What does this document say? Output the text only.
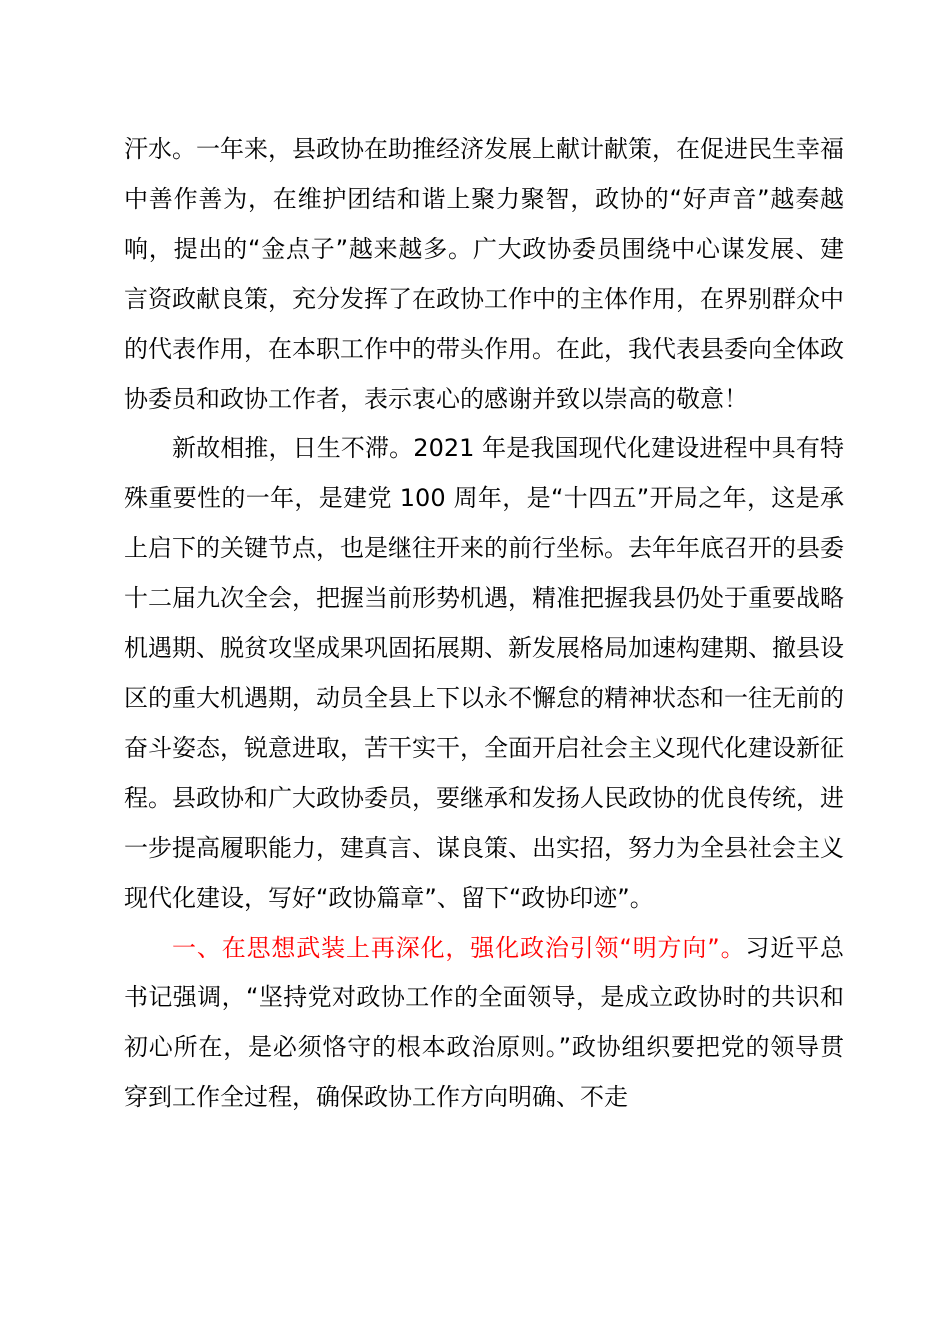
汗水。一年来，县政协在助推经济发展上献计献策，在促进民生幸福中善作善为，在维护团结和谐上聚力聚智，政协的“好声音”越奏越响，提出的“金点子”越来越多。广大政协委员围绕中心谋发展、建言资政献良策，充分发挥了在政协工作中的主体作用，在界别群众中的代表作用，在本职工作中的带头作用。在此，我代表县委向全体政协委员和政协工作者，表示衷心的感谢并致以崇高的敬意！

新故相推，日生不滞。2021 年是我国现代化建设进程中具有特殊重要性的一年，是建党 100 周年，是“十四五”开局之年，这是承上启下的关键节点，也是继往开来的前行坐标。去年年底召开的县委十二届九次全会，把握当前形势机遇，精准把握我县仍处于重要战略机遇期、脱贫攻坚成果巩固拓展期、新发展格局加速构建期、撤县设区的重大机遇期，动员全县上下以永不懈怠的精神状态和一往无前的奋斗姿态，锐意进取，苦干实干，全面开启社会主义现代化建设新征程。县政协和广大政协委员，要继承和发扬人民政协的优良传统，进一步提高履职能力，建真言、谋良策、出实招，努力为全县社会主义现代化建设，写好“政协篇章”、留下“政协印迹”。

一、在思想武装上再深化，强化政治引领“明方向”。习近平总书记强调，“坚持党对政协工作的全面领导，是成立政协时的共识和初心所在，是必须恪守的根本政治原则。”政协组织要把党的领导贯穿到工作全过程，确保政协工作方向明确、不走
